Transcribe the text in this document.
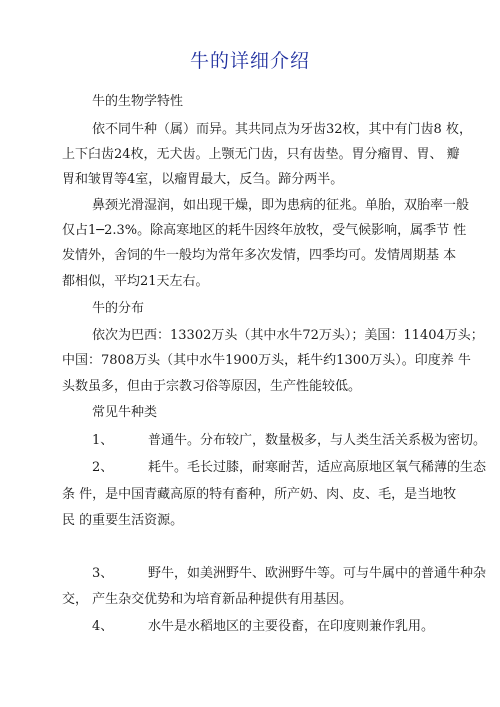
牛的详细介绍
牛的生物学特性
依不同牛种（属）而异。其共同点为牙齿32枚，其中有门齿8 枚，
上下臼齿24枚，无犬齿。上颚无门齿，只有齿垫。胃分瘤胃、胃、 瓣
胃和皱胃等4室，以瘤胃最大，反刍。蹄分两半。
鼻颈光滑湿润，如出现干燥，即为患病的征兆。单胎，双胎率一般
仅占1─2.3%。除高寒地区的耗牛因终年放牧，受气候影响，属季节 性
发情外，舍饲的牛一般均为常年多次发情，四季均可。发情周期基 本
都相似，平均21天左右。
牛的分布
依次为巴西：13302万头（其中水牛72万头）；美国：11404万头；
中国：7808万头（其中水牛1900万头，耗牛约1300万头）。印度养 牛
头数虽多，但由于宗教习俗等原因，生产性能较低。
常见牛种类
1、	普通牛。分布较广，数量极多，与人类生活关系极为密切。
2、	耗牛。毛长过膝，耐寒耐苦，适应高原地区氧气稀薄的生态
条 件，是中国青藏高原的特有畜种，所产奶、肉、皮、毛，是当地牧
民 的重要生活资源。
3、	野牛，如美洲野牛、欧洲野牛等。可与牛属中的普通牛种杂
交， 产生杂交优势和为培育新品种提供有用基因。
4、	水牛是水稻地区的主要役畜，在印度则兼作乳用。
